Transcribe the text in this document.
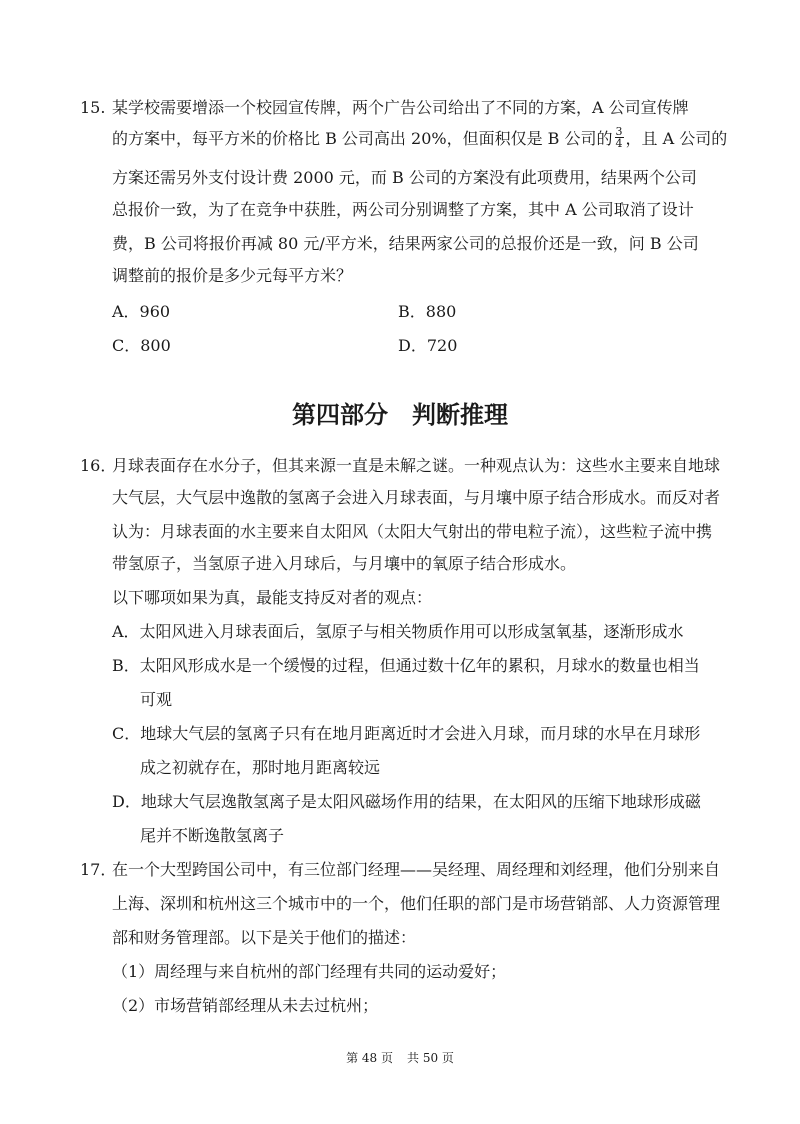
15. 某学校需要增添一个校园宣传牌，两个广告公司给出了不同的方案，A 公司宣传牌
的方案中，每平方米的价格比 B 公司高出 20%，但面积仅是 B 公司的 $\frac{3}{4}$ ，且 A 公司的
方案还需另外支付设计费 2000 元，而 B 公司的方案没有此项费用，结果两个公司
总报价一致，为了在竞争中获胜，两公司分别调整了方案，其中 A 公司取消了设计
费，B 公司将报价再减 80 元/平方米，结果两家公司的总报价还是一致，问 B 公司
调整前的报价是多少元每平方米？
A．960	B．880
C．800	D．720
第四部分 判断推理
16．
月球表面存在水分子，但其来源一直是未解之谜。一种观点认为：这些水主要来自地球
大气层，大气层中逸散的氢离子会进入月球表面，与月壤中原子结合形成水。而反对者
认为：月球表面的水主要来自太阳风（太阳大气射出的带电粒子流），这些粒子流中携
带氢原子，当氢原子进入月球后，与月壤中的氧原子结合形成水。
以下哪项如果为真，最能支持反对者的观点：
A．太阳风进入月球表面后，氢原子与相关物质作用可以形成氢氧基，逐渐形成水
B．太阳风形成水是一个缓慢的过程，但通过数十亿年的累积，月球水的数量也相当
可观
C．地球大气层的氢离子只有在地月距离近时才会进入月球，而月球的水早在月球形
成之初就存在，那时地月距离较远
D．地球大气层逸散氢离子是太阳风磁场作用的结果，在太阳风的压缩下地球形成磁
尾并不断逸散氢离子
17．
在一个大型跨国公司中，有三位部门经理——吴经理、周经理和刘经理，他们分别来自
上海、深圳和杭州这三个城市中的一个，他们任职的部门是市场营销部、人力资源管理
部和财务管理部。以下是关于他们的描述：
（1）周经理与来自杭州的部门经理有共同的运动爱好；
（2）市场营销部经理从未去过杭州；
第 48 页 共 50 页
